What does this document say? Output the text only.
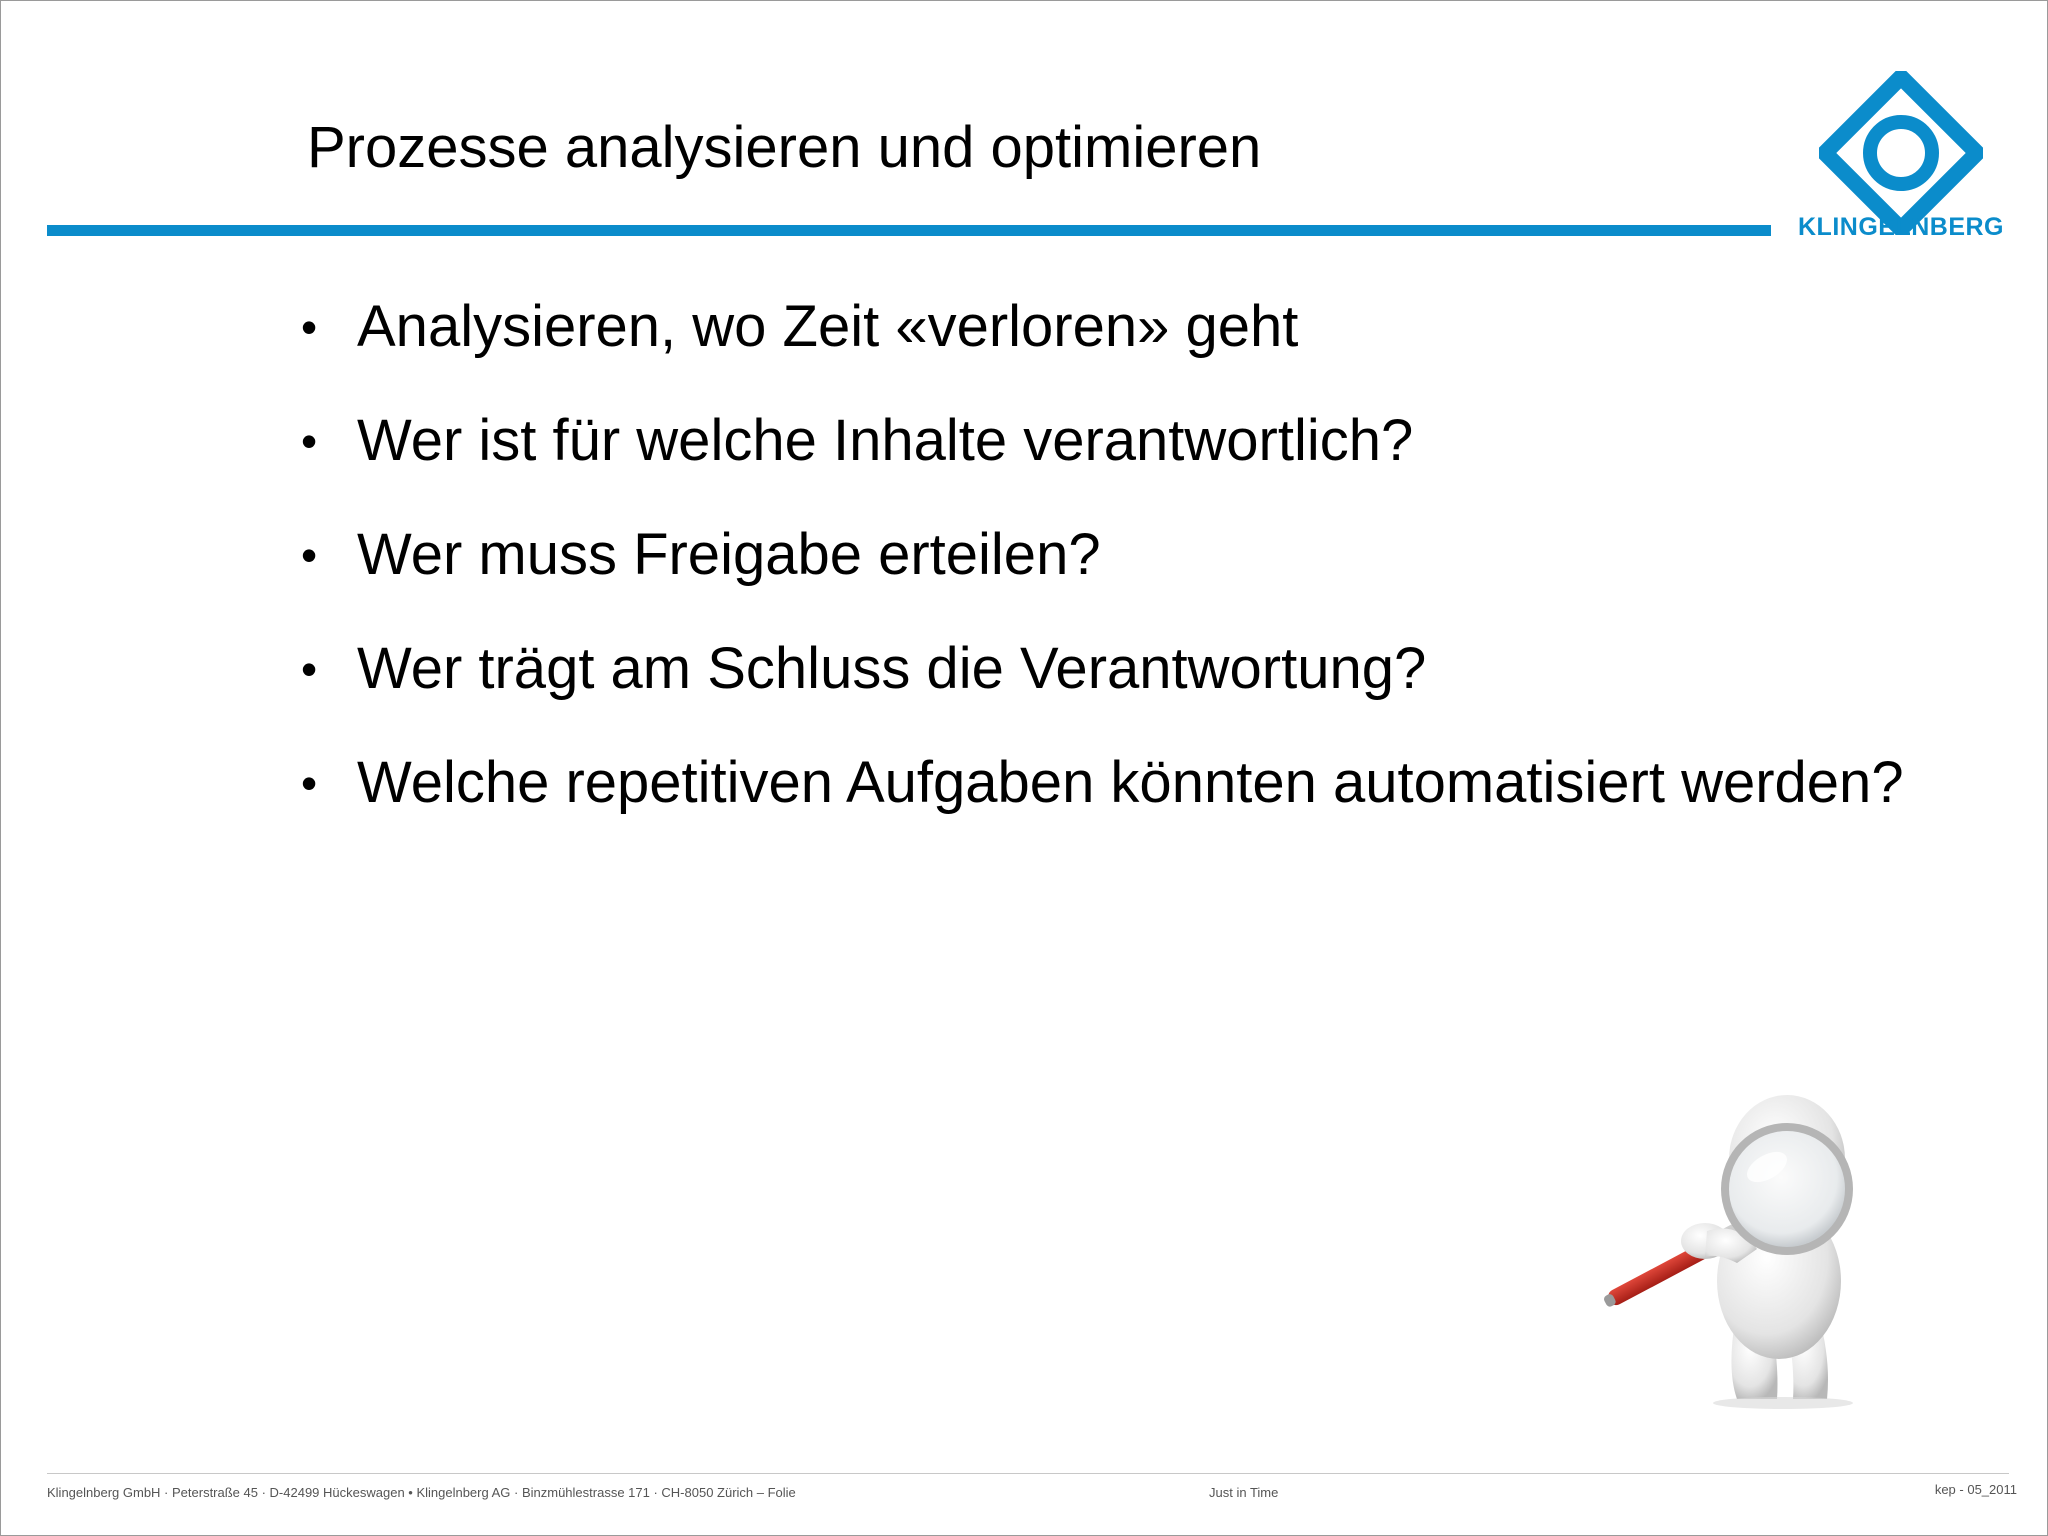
Prozesse analysieren und optimieren
KLINGELNBERG
• Analysieren, wo Zeit «verloren» geht
• Wer ist für welche Inhalte verantwortlich?
• Wer muss Freigabe erteilen?
• Wer trägt am Schluss die Verantwortung?
• Welche repetitiven Aufgaben könnten automatisiert werden?
Klingelnberg GmbH · Peterstraße 45 · D-42499 Hückeswagen • Klingelnberg AG · Binzmühlestrasse 171 · CH-8050 Zürich – Folie	Just in Time	kep - 05_2011
